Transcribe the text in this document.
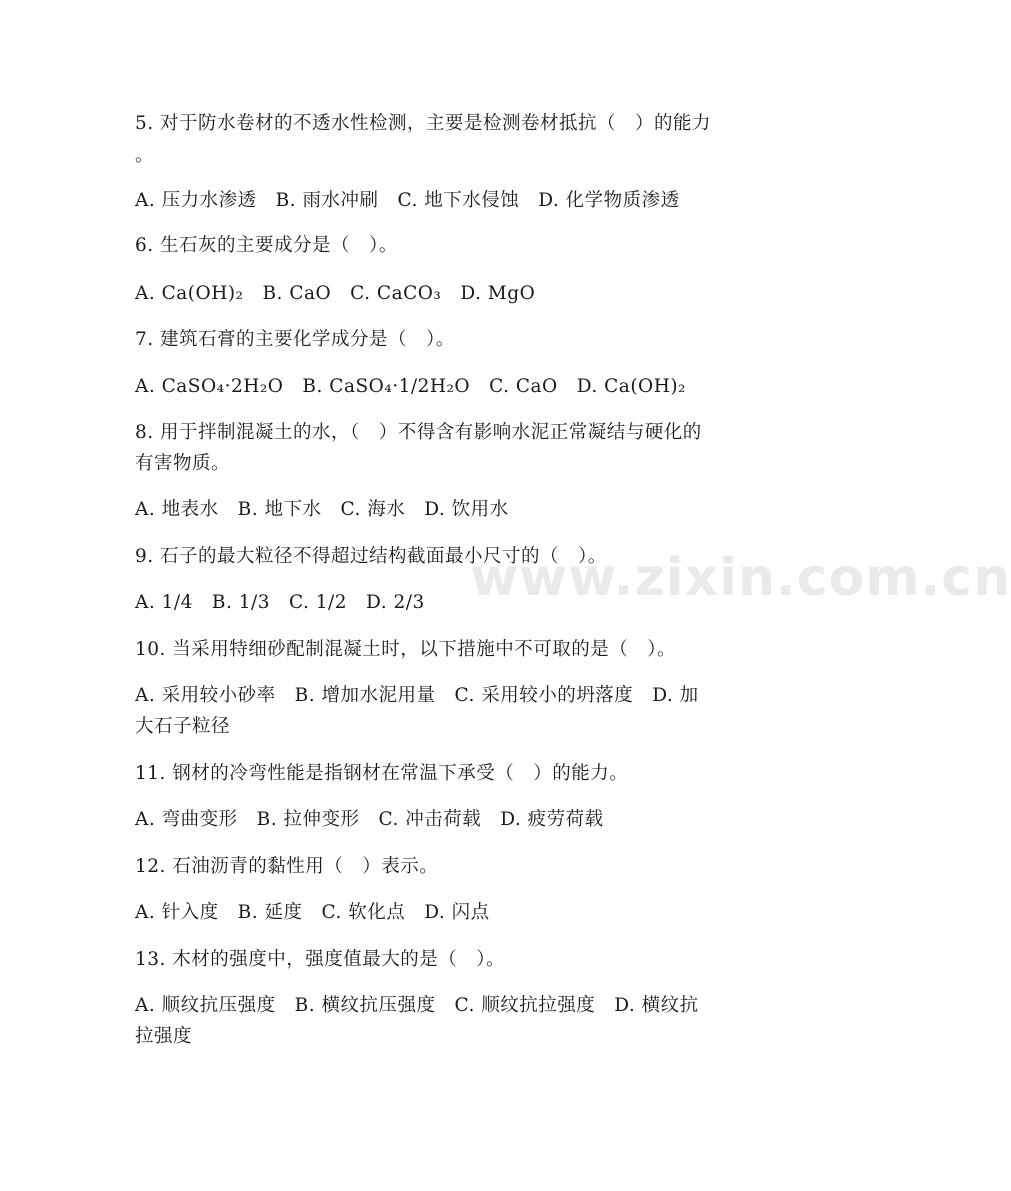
5. 对于防水卷材的不透水性检测，主要是检测卷材抵抗（　）的能力
。
A. 压力水渗透　B. 雨水冲刷　C. 地下水侵蚀　D. 化学物质渗透
6. 生石灰的主要成分是（　）。
A. Ca(OH)₂　B. CaO　C. CaCO₃　D. MgO
7. 建筑石膏的主要化学成分是（　）。
A. CaSO₄·2H₂O　B. CaSO₄·1/2H₂O　C. CaO　D. Ca(OH)₂
8. 用于拌制混凝土的水，（　）不得含有影响水泥正常凝结与硬化的
有害物质。
A. 地表水　B. 地下水　C. 海水　D. 饮用水
9. 石子的最大粒径不得超过结构截面最小尺寸的（　）。
A. 1/4　B. 1/3　C. 1/2　D. 2/3
10. 当采用特细砂配制混凝土时，以下措施中不可取的是（　）。
A. 采用较小砂率　B. 增加水泥用量　C. 采用较小的坍落度　D. 加
大石子粒径
11. 钢材的冷弯性能是指钢材在常温下承受（　）的能力。
A. 弯曲变形　B. 拉伸变形　C. 冲击荷载　D. 疲劳荷载
12. 石油沥青的黏性用（　）表示。
A. 针入度　B. 延度　C. 软化点　D. 闪点
13. 木材的强度中，强度值最大的是（　）。
A. 顺纹抗压强度　B. 横纹抗压强度　C. 顺纹抗拉强度　D. 横纹抗
拉强度
www.zixin.com.cn
